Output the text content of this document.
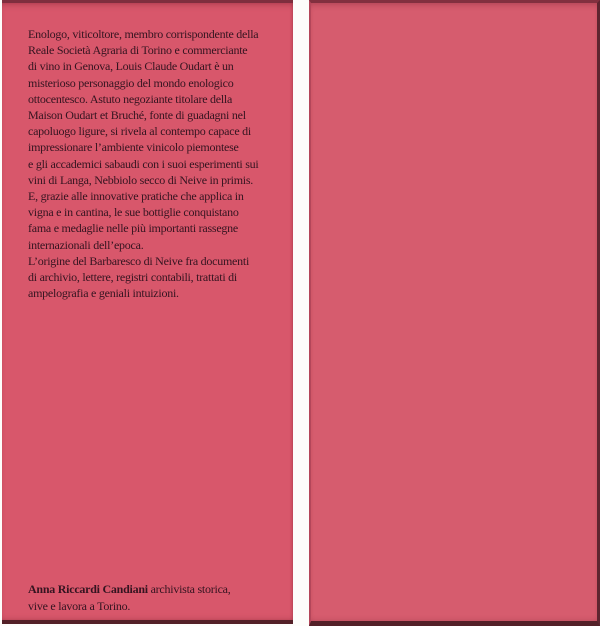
Enologo, viticoltore, membro corrispondente della
Reale Società Agraria di Torino e commerciante
di vino in Genova, Louis Claude Oudart è un
misterioso personaggio del mondo enologico
ottocentesco. Astuto negoziante titolare della
Maison Oudart et Bruché, fonte di guadagni nel
capoluogo ligure, si rivela al contempo capace di
impressionare l’ambiente vinicolo piemontese
e gli accademici sabaudi con i suoi esperimenti sui
vini di Langa, Nebbiolo secco di Neive in primis.
E, grazie alle innovative pratiche che applica in
vigna e in cantina, le sue bottiglie conquistano
fama e medaglie nelle più importanti rassegne
internazionali dell’epoca.
L’origine del Barbaresco di Neive fra documenti
di archivio, lettere, registri contabili, trattati di
ampelografia e geniali intuizioni.
Anna Riccardi Candiani archivista storica,
vive e lavora a Torino.
